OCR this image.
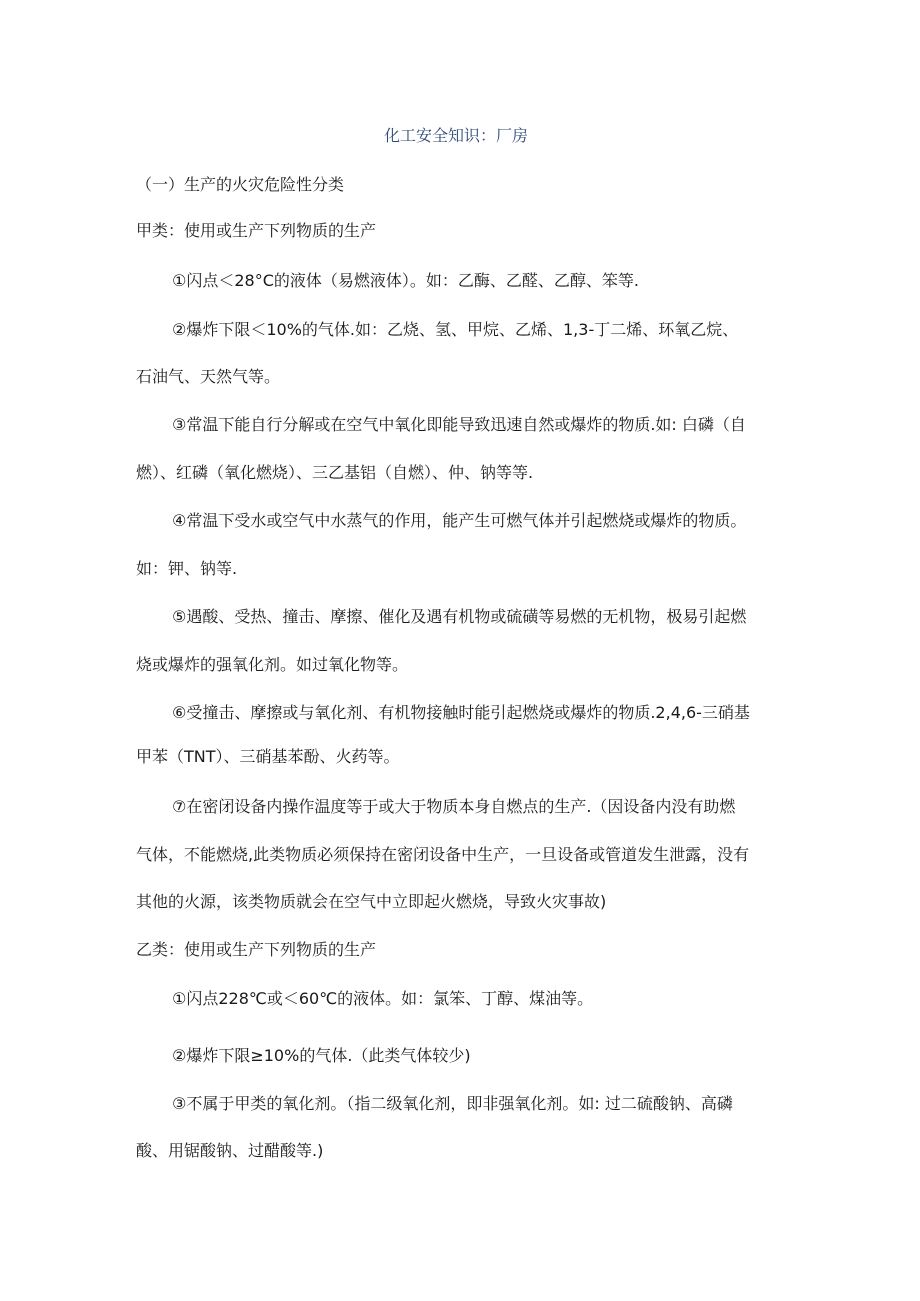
化工安全知识：厂房
（一）生产的火灾危险性分类
甲类：使用或生产下列物质的生产
①闪点＜28°C的液体（易燃液体）。如：乙酶、乙醛、乙醇、笨等.
②爆炸下限＜10%的气体.如：乙烧、氢、甲烷、乙烯、1,3-丁二烯、环氧乙烷、
石油气、天然气等。
③常温下能自行分解或在空气中氧化即能导致迅速自然或爆炸的物质.如: 白磷（自
燃）、红磷（氧化燃烧）、三乙基铝（自燃）、仲、钠等等.
④常温下受水或空气中水蒸气的作用，能产生可燃气体并引起燃烧或爆炸的物质。
如：钾、钠等.
⑤遇酸、受热、撞击、摩擦、催化及遇有机物或硫磺等易燃的无机物，极易引起燃
烧或爆炸的强氧化剂。如过氧化物等。
⑥受撞击、摩擦或与氧化剂、有机物接触时能引起燃烧或爆炸的物质.2,4,6-三硝基
甲苯（TNT）、三硝基苯酚、火药等。
⑦在密闭设备内操作温度等于或大于物质本身自燃点的生产.（因设备内没有助燃
气体，不能燃烧,此类物质必须保持在密闭设备中生产，一旦设备或管道发生泄露，没有
其他的火源，该类物质就会在空气中立即起火燃烧，导致火灾事故)
乙类：使用或生产下列物质的生产
①闪点228℃或＜60℃的液体。如：氯笨、丁醇、煤油等。
②爆炸下限≥10%的气体.（此类气体较少)
③不属于甲类的氧化剂。（指二级氧化剂，即非强氧化剂。如: 过二硫酸钠、高磷
酸、用锯酸钠、过醋酸等.)
